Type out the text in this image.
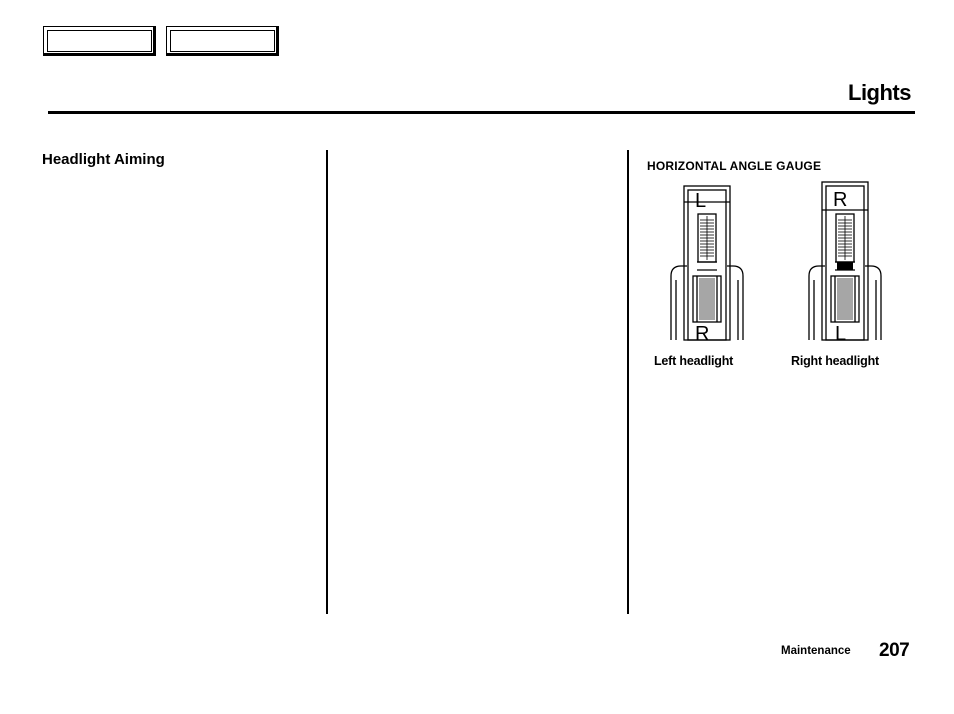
Lights
Headlight Aiming	HORIZONTAL ANGLE GAUGE
L
R
R
L
Left headlight	Right headlight
Maintenance 207
